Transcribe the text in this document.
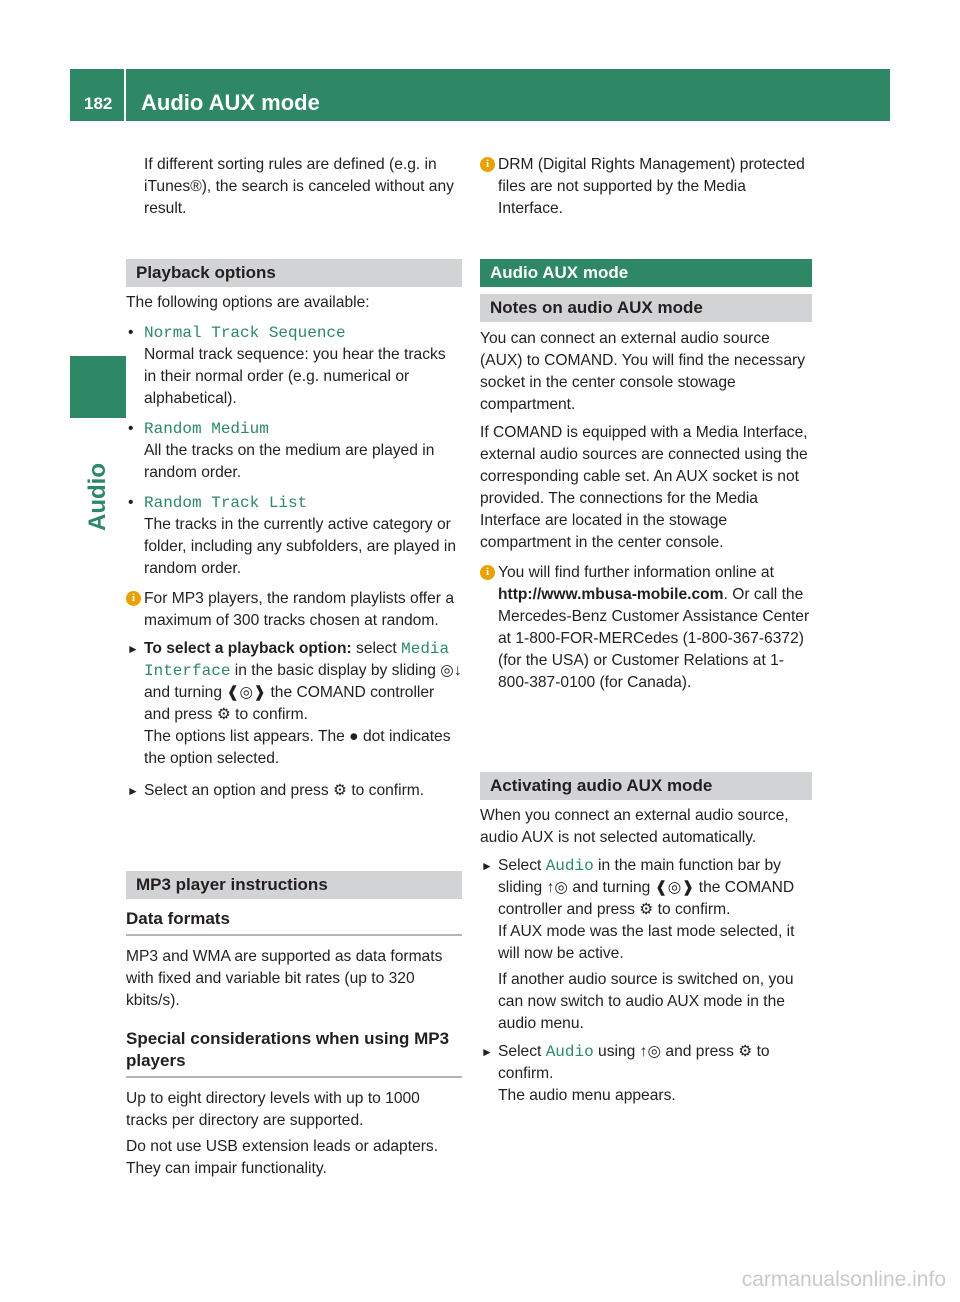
182 Audio AUX mode
Audio

If different sorting rules are defined (e.g. in iTunes®), the search is canceled without any result.

Playback options

The following options are available:

• Normal Track Sequence

Normal track sequence: you hear the tracks in their normal order (e.g. numerical or alphabetical).

• Random Medium

All the tracks on the medium are played in random order.

• Random Track List

The tracks in the currently active category or folder, including any subfolders, are played in random order.

i For MP3 players, the random playlists offer a maximum of 300 tracks chosen at random.

► To select a playback option: select Media Interface in the basic display by sliding ◎↓ and turning ❰◎❱ the COMAND controller and press ⚙ to confirm.

The options list appears. The ● dot indicates the option selected.

► Select an option and press ⚙ to confirm.

MP3 player instructions
Data formats

MP3 and WMA are supported as data formats with fixed and variable bit rates (up to 320 kbits/s).

Special considerations when using MP3 players

Up to eight directory levels with up to 1000 tracks per directory are supported.

Do not use USB extension leads or adapters. They can impair functionality.

i DRM (Digital Rights Management) protected files are not supported by the Media Interface.

Audio AUX mode
Notes on audio AUX mode

You can connect an external audio source (AUX) to COMAND. You will find the necessary socket in the center console stowage compartment.

If COMAND is equipped with a Media Interface, external audio sources are connected using the corresponding cable set. An AUX socket is not provided. The connections for the Media Interface are located in the stowage compartment in the center console.

i You will find further information online at http://www.mbusa-mobile.com. Or call the Mercedes-Benz Customer Assistance Center at 1-800-FOR-MERCedes (1-800-367-6372) (for the USA) or Customer Relations at 1-800-387-0100 (for Canada).

Activating audio AUX mode

When you connect an external audio source, audio AUX is not selected automatically.

► Select Audio in the main function bar by sliding ↑◎ and turning ❰◎❱ the COMAND controller and press ⚙ to confirm.

If AUX mode was the last mode selected, it will now be active.

If another audio source is switched on, you can now switch to audio AUX mode in the audio menu.

► Select Audio using ↑◎ and press ⚙ to confirm.

The audio menu appears.

carmanualsonline.info
